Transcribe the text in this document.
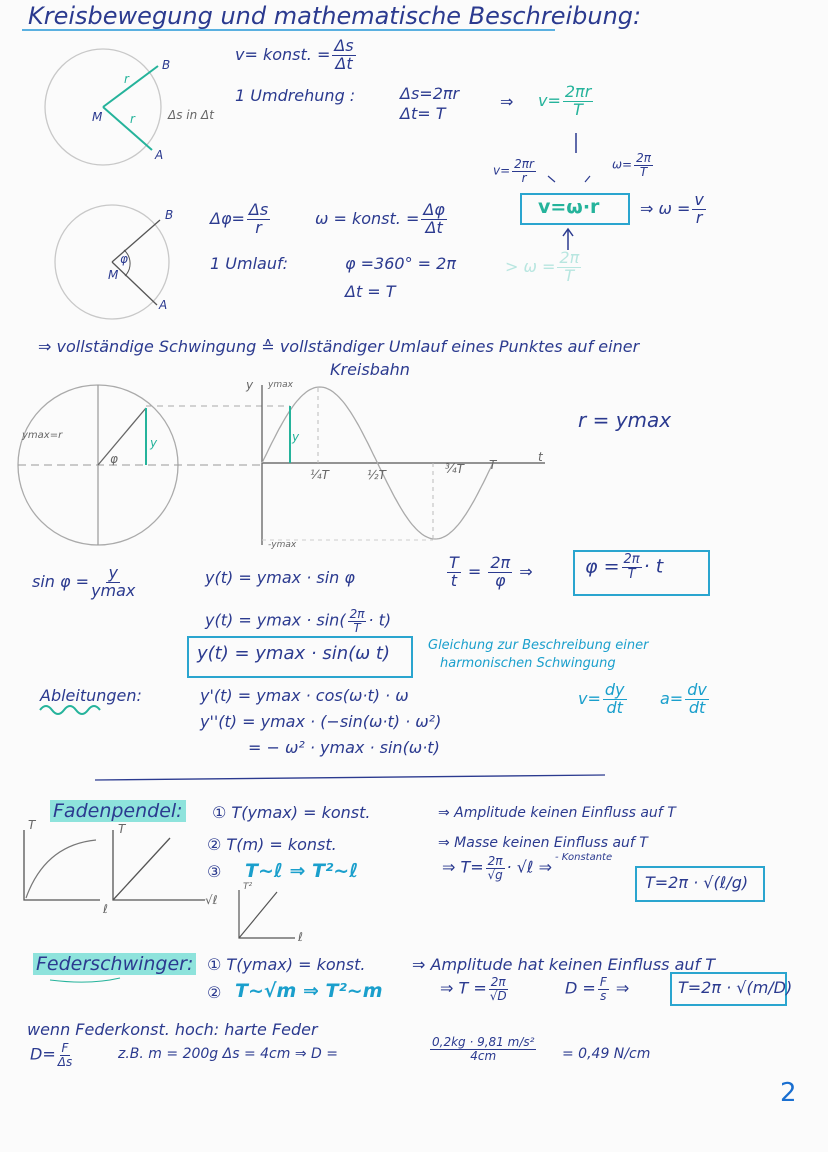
Kreisbewegung und mathematische Beschreibung:
B
A
M
r
r	Δs in Δt
v= konst. = $\frac{\Delta s}{\Delta t}$
1 Umdrehung :	Δs=2πr
Δt= T
⇒ $v= \frac{2\pi r}{T}$
$v= \frac{2\pi r}{r}$	$\omega= \frac{2\pi}{T}$
v=ω·r	⇒ $\omega = \frac{v}{r}$
B
A
M
φ
$\Delta\varphi= \frac{\Delta s}{r}$	ω = konst. = $\frac{\Delta\varphi}{\Delta t}$
1 Umlauf:	φ =360° = 2π
Δt = T
> $\omega = \frac{2\pi}{T}$
⇒ vollständige Schwingung ≙ vollständiger Umlauf eines Punktes auf einer
Kreisbahn
ymax=r
φ
y	y
y ymax
-ymax
¼T	½T	¾T T
t
r = ymax
sin φ = y
ymax
y(t) = ymax · sin φ	$\frac{T}{t} = \frac{2\pi}{\varphi}$ ⇒	$\varphi = \frac{2\pi}{T} \cdot t$
$y(t) = ymax \cdot \sin( \frac{2\pi}{T} \cdot t)$
y(t) = ymax · sin(ω t)	Gleichung zur Beschreibung einer
harmonischen Schwingung
Ableitungen:	y'(t) = ymax · cos(ω·t) · ω
y''(t) = ymax · (−sin(ω·t) · ω²)
= − ω² · ymax · sin(ω·t)
$v= \frac{dy}{dt} a= \frac{dv}{dt}$
Fadenpendel: ① T(ymax) = konst.	⇒ Amplitude keinen Einfluss auf T
② T(m) = konst.	⇒ Masse keinen Einfluss auf T
③ T~ℓ ⇒ T²~ℓ	⇒ $T= \frac{2\pi}{√g}$ · √ℓ ⇒
- Konstante
T=2π · √(ℓ/g)
T
ℓ
T
√ℓ
T²
ℓ
Federschwinger: ① T(ymax) = konst.	⇒ Amplitude hat keinen Einfluss auf T
② T~√m ⇒ T²~m	⇒ $T = \frac{2\pi}{√D}$	$D = \frac{F}{s}$ ⇒	T=2π · √(m/D)
wenn Federkonst. hoch: harte Feder
$D= \frac{F}{\Delta s}$	z.B. m = 200g Δs = 4cm ⇒ D =	$\frac{\text{0,2kg · 9,81 m/s²}}{4cm} = 0,49$ N/cm
2
